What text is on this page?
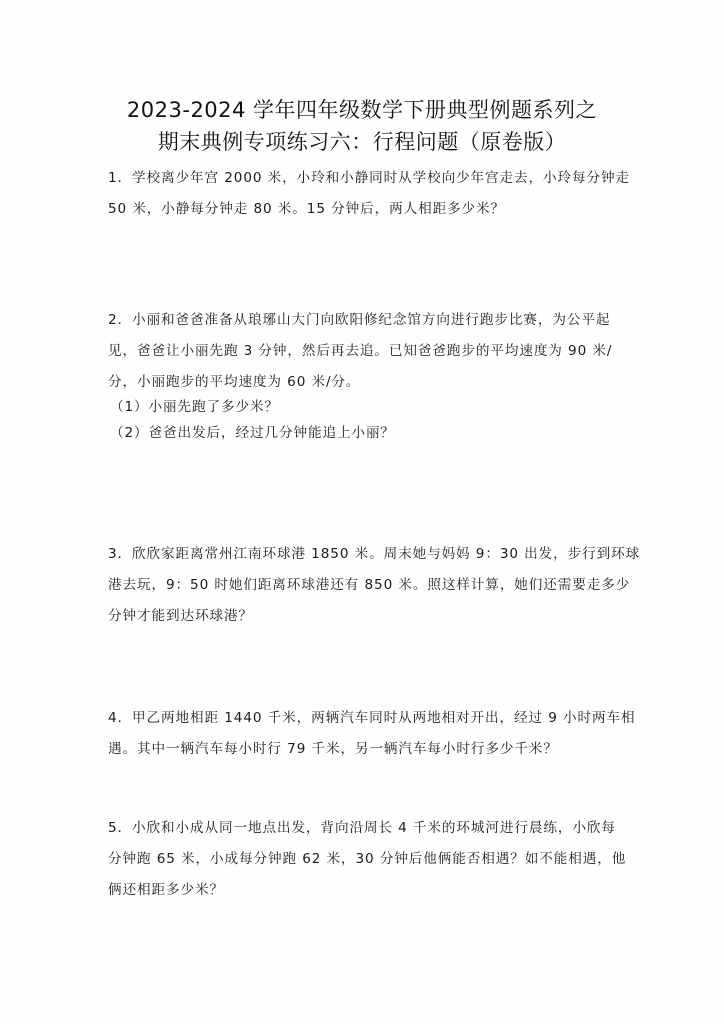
2023-2024 学年四年级数学下册典型例题系列之
期末典例专项练习六：行程问题（原卷版）
1．学校离少年宫 2000 米，小玲和小静同时从学校向少年宫走去，小玲每分钟走
50 米，小静每分钟走 80 米。15 分钟后，两人相距多少米？
2．小丽和爸爸准备从琅琊山大门向欧阳修纪念馆方向进行跑步比赛，为公平起
见，爸爸让小丽先跑 3 分钟，然后再去追。已知爸爸跑步的平均速度为 90 米/
分，小丽跑步的平均速度为 60 米/分。
（1）小丽先跑了多少米？
（2）爸爸出发后，经过几分钟能追上小丽？
3．欣欣家距离常州江南环球港 1850 米。周末她与妈妈 9：30 出发，步行到环球
港去玩，9：50 时她们距离环球港还有 850 米。照这样计算，她们还需要走多少
分钟才能到达环球港？
4．甲乙两地相距 1440 千米，两辆汽车同时从两地相对开出，经过 9 小时两车相
遇。其中一辆汽车每小时行 79 千米，另一辆汽车每小时行多少千米？
5．小欣和小成从同一地点出发，背向沿周长 4 千米的环城河进行晨练，小欣每
分钟跑 65 米，小成每分钟跑 62 米，30 分钟后他俩能否相遇？如不能相遇，他
俩还相距多少米？
